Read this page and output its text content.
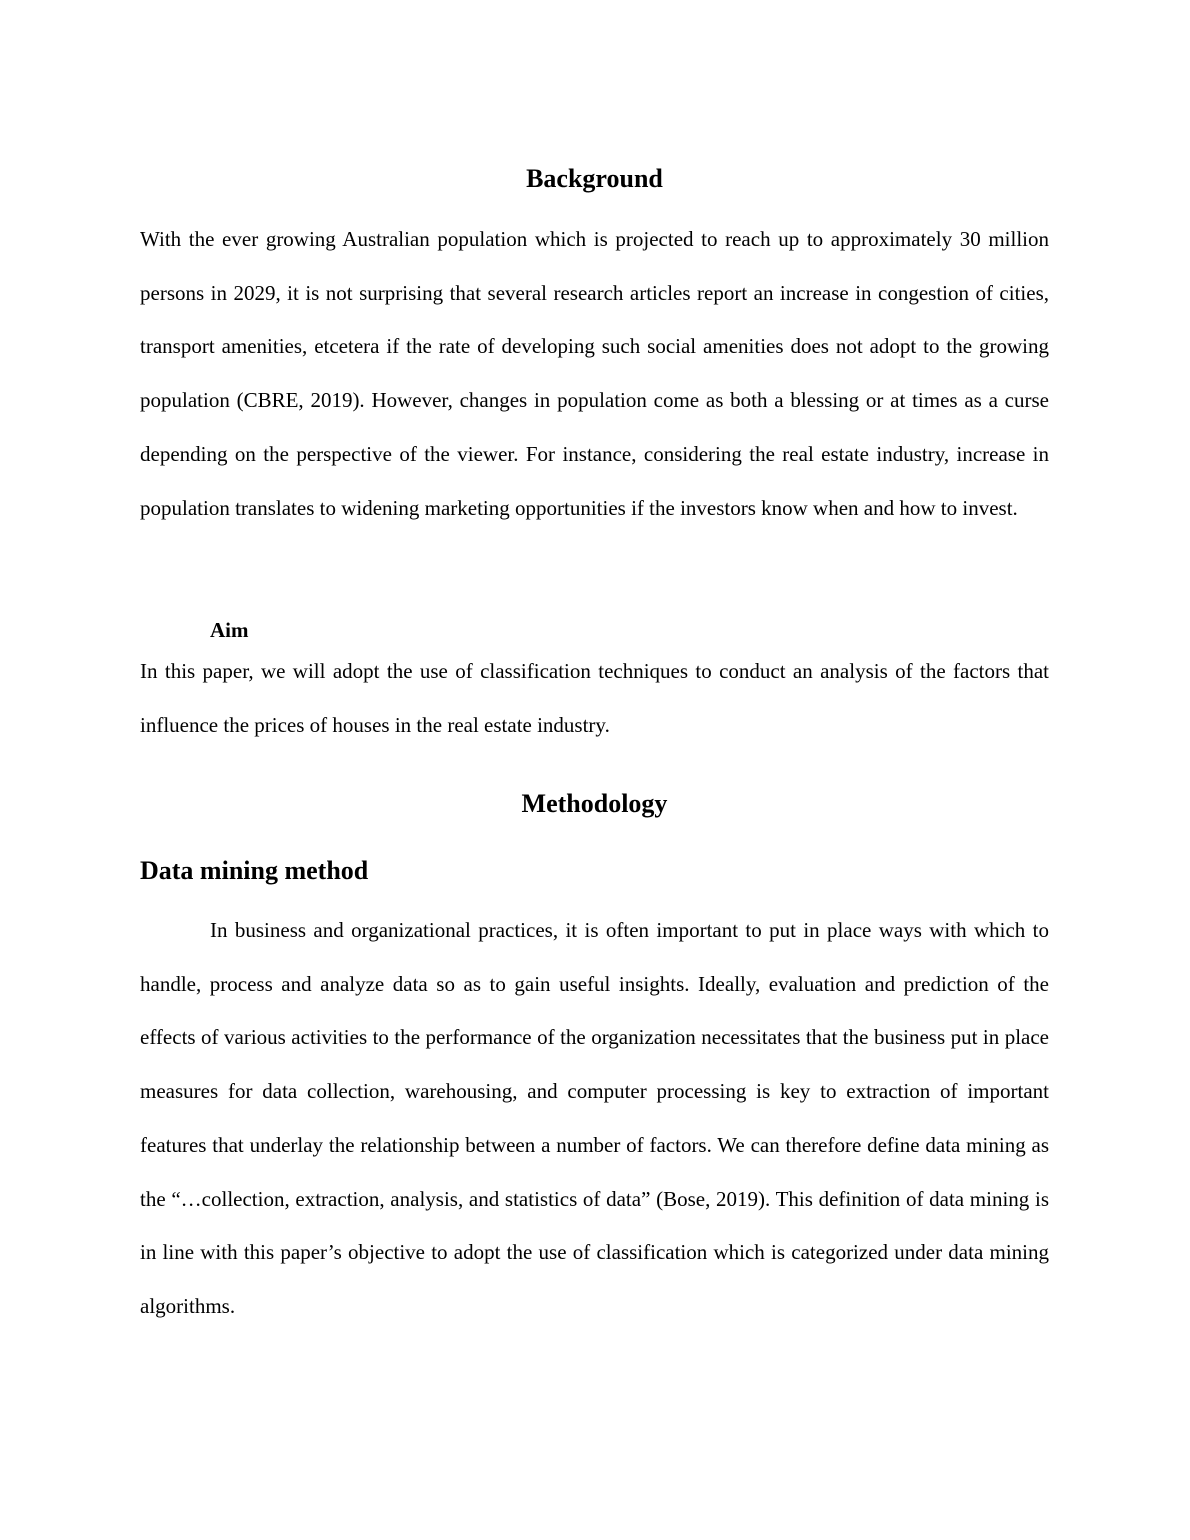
Background

With the ever growing Australian population which is projected to reach up to approximately 30 million persons in 2029, it is not surprising that several research articles report an increase in congestion of cities, transport amenities, etcetera if the rate of developing such social amenities does not adopt to the growing population (CBRE, 2019). However, changes in population come as both a blessing or at times as a curse depending on the perspective of the viewer. For instance, considering the real estate industry, increase in population translates to widening marketing opportunities if the investors know when and how to invest.

Aim

In this paper, we will adopt the use of classification techniques to conduct an analysis of the factors that influence the prices of houses in the real estate industry.

Methodology
Data mining method

In business and organizational practices, it is often important to put in place ways with which to handle, process and analyze data so as to gain useful insights. Ideally, evaluation and prediction of the effects of various activities to the performance of the organization necessitates that the business put in place measures for data collection, warehousing, and computer processing is key to extraction of important features that underlay the relationship between a number of factors. We can therefore define data mining as the “…collection, extraction, analysis, and statistics of data” (Bose, 2019). This definition of data mining is in line with this paper’s objective to adopt the use of classification which is categorized under data mining algorithms.
